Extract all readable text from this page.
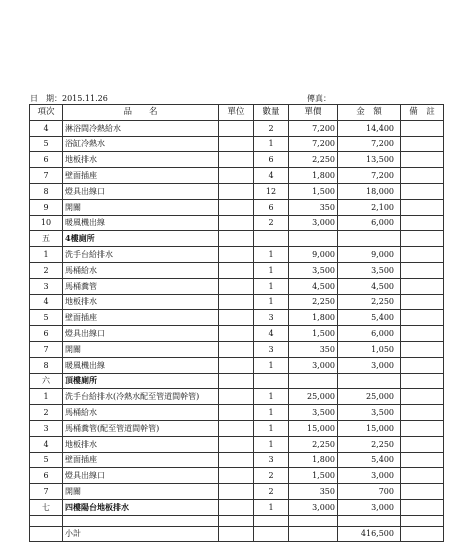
日　期：2015.11.26	傳真：
項次	品　　名	單位	數量	單價	金　額	備　註
4	淋浴間冷熱給水		2	7,200	14,400	
5	浴缸冷熱水		1	7,200	7,200	
6	地板排水		6	2,250	13,500	
7	壁面插座		4	1,800	7,200	
8	燈具出線口		12	1,500	18,000	
9	開關		6	350	2,100	
10	暖風機出線		2	3,000	6,000	
五	4樓廁所					
1	洗手台給排水		1	9,000	9,000	
2	馬桶給水		1	3,500	3,500	
3	馬桶糞管		1	4,500	4,500	
4	地板排水		1	2,250	2,250	
5	壁面插座		3	1,800	5,400	
6	燈具出線口		4	1,500	6,000	
7	開關		3	350	1,050	
8	暖風機出線		1	3,000	3,000	
六	頂樓廁所					
1	洗手台給排水(冷熱水配至管道間幹管)		1	25,000	25,000	
2	馬桶給水		1	3,500	3,500	
3	馬桶糞管(配至管道間幹管)		1	15,000	15,000	
4	地板排水		1	2,250	2,250	
5	壁面插座		3	1,800	5,400	
6	燈具出線口		2	1,500	3,000	
7	開關		2	350	700	
七	四樓陽台地板排水		1	3,000	3,000	

	小計				416,500	
